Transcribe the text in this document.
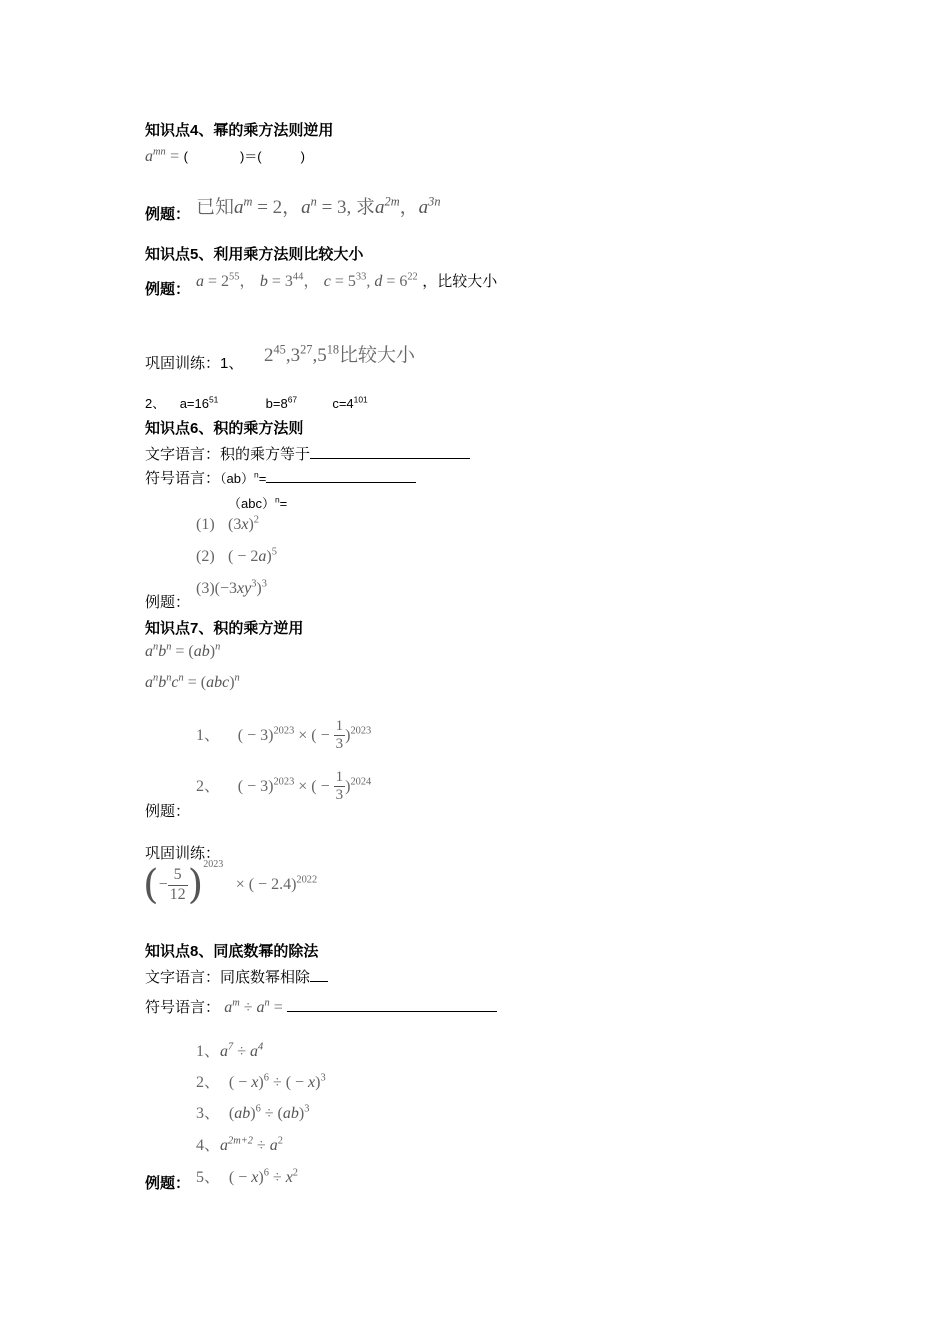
知识点4、幂的乘方法则逆用
$a^{mn}$ = (　　　　)＝(　　　)
例题： 已知$a^m = 2$，$a^n = 3$, 求$a^{2m}$，$a^{3n}$
知识点5、利用乘方法则比较大小
例题： $a = 2^{55}$， $b = 3^{44}$， $c = 5^{33}$, $d = 6^{22}$ ，比较大小
巩固训练：1、 $2^{45},3^{27},5^{18}$比较大小
2、 $a=16^{51}$	$b=8^{67}$	$c=4^{101}$
知识点6、积的乘方法则
文字语言：积的乘方等于
符号语言：（ab）$^n$=
（abc）$^n$=
(1) $(3x)^2$
(2) ( − 2a)$^5$
例题：
$(3)(-3xy^3)^3$
知识点7、积的乘方逆用
$a^nb^n = (ab)^n$
$a^nb^nc^n = (abc)^n$
1、 ( − 3)$^{2023}$ × ( − $\frac{1}{3} )^{2023}$
2、 ( − 3)$^{2023}$ × ( − $\frac{1}{3} )^{2024}$
例题：
巩固训练：
(− $\frac{5}{12} )^{2023}$   × ( − 2.4)$^{2022}$
知识点8、同底数幂的除法
文字语言：同底数幂相除
符号语言： $a^m \div a^n$ =
1、$a^7 \div a^4$
2、 ( − x)$^6$ ÷ ( − x)$^3$
3、 (ab)$^6$ ÷ (ab)$^3$
4、$a^{2m+2} \div a^2$
例题： 5、 ( − $x)^6 \div x^2$
